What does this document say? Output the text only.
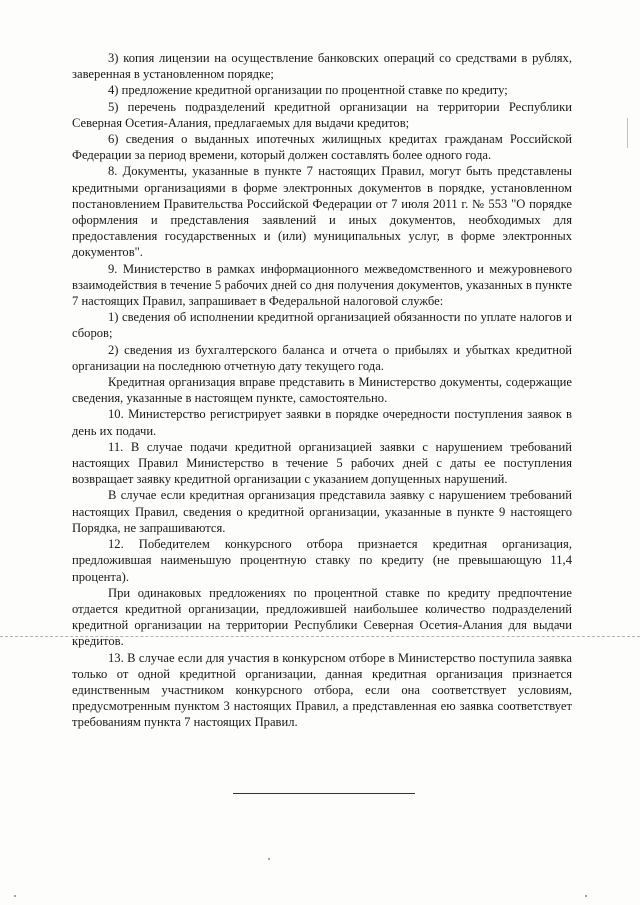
3) копия лицензии на осуществление банковских операций со средствами в рублях, заверенная в установленном порядке;

4) предложение кредитной организации по процентной ставке по кредиту;

5) перечень подразделений кредитной организации на территории Республики Северная Осетия-Алания, предлагаемых для выдачи кредитов;

6) сведения о выданных ипотечных жилищных кредитах гражданам Российской Федерации за период времени, который должен составлять более одного года.

8. Документы, указанные в пункте 7 настоящих Правил, могут быть представлены кредитными организациями в форме электронных документов в порядке, установленном постановлением Правительства Российской Федерации от 7 июля 2011 г. № 553 "О порядке оформления и представления заявлений и иных документов, необходимых для предоставления государственных и (или) муниципальных услуг, в форме электронных документов".

9. Министерство в рамках информационного межведомственного и межуровневого взаимодействия в течение 5 рабочих дней со дня получения документов, указанных в пункте 7 настоящих Правил, запрашивает в Федеральной налоговой службе:

1) сведения об исполнении кредитной организацией обязанности по уплате налогов и сборов;

2) сведения из бухгалтерского баланса и отчета о прибылях и убытках кредитной организации на последнюю отчетную дату текущего года.

Кредитная организация вправе представить в Министерство документы, содержащие сведения, указанные в настоящем пункте, самостоятельно.

10. Министерство регистрирует заявки в порядке очередности поступления заявок в день их подачи.

11. В случае подачи кредитной организацией заявки с нарушением требований настоящих Правил Министерство в течение 5 рабочих дней с даты ее поступления возвращает заявку кредитной организации с указанием допущенных нарушений.

В случае если кредитная организация представила заявку с нарушением требований настоящих Правил, сведения о кредитной организации, указанные в пункте 9 настоящего Порядка, не запрашиваются.

12. Победителем конкурсного отбора признается кредитная организация, предложившая наименьшую процентную ставку по кредиту (не превышающую 11,4 процента).

При одинаковых предложениях по процентной ставке по кредиту предпочтение отдается кредитной организации, предложившей наибольшее количество подразделений кредитной организации на территории Республики Северная Осетия-Алания для выдачи кредитов.

13. В случае если для участия в конкурсном отборе в Министерство поступила заявка только от одной кредитной организации, данная кредитная организация признается единственным участником конкурсного отбора, если она соответствует условиям, предусмотренным пунктом 3 настоящих Правил, а представленная ею заявка соответствует требованиям пункта 7 настоящих Правил.
